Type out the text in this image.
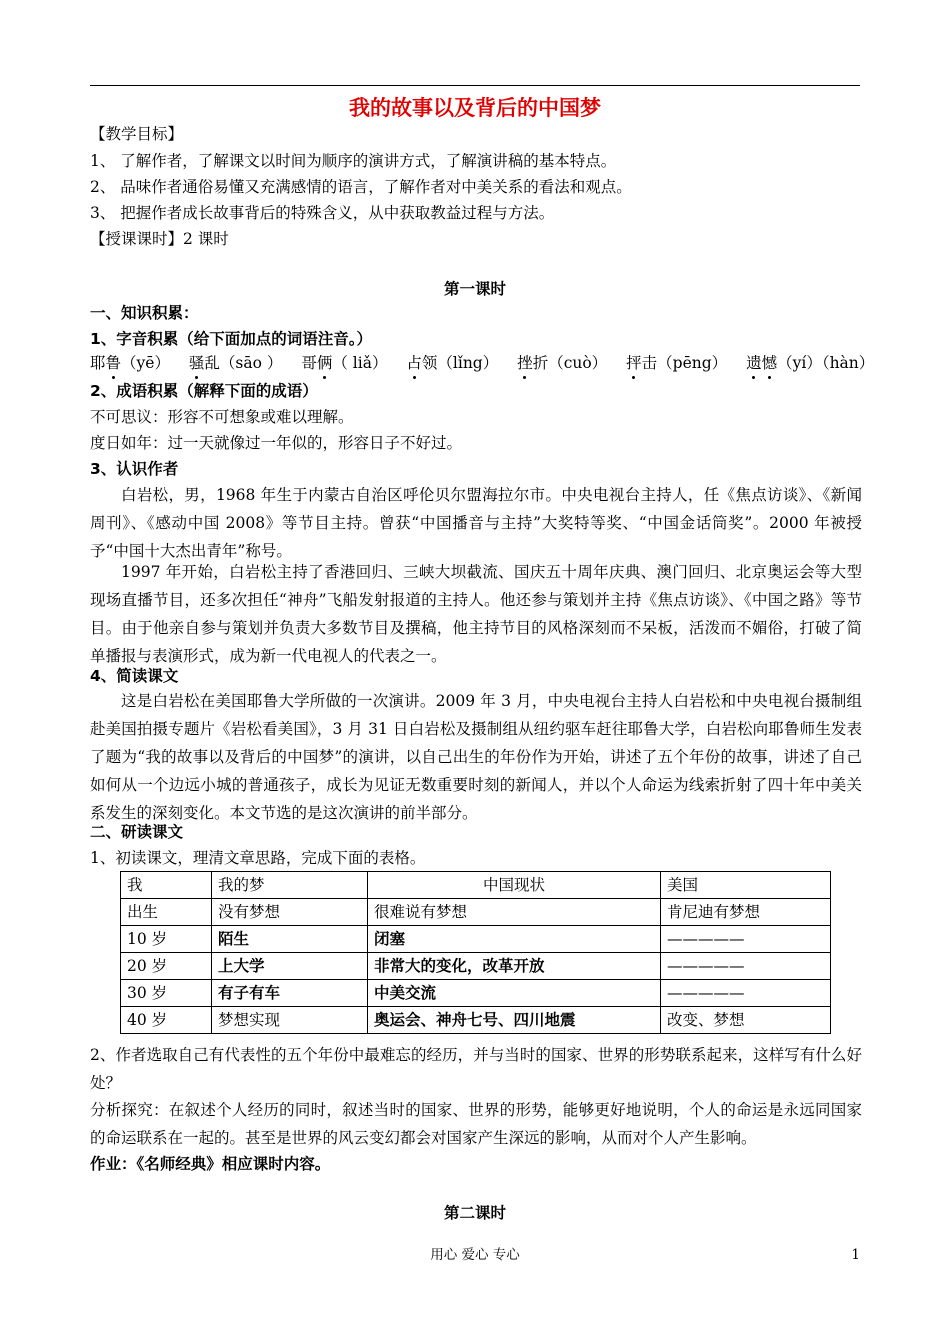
我的故事以及背后的中国梦
【教学目标】
1、 了解作者，了解课文以时间为顺序的演讲方式，了解演讲稿的基本特点。
2、 品味作者通俗易懂又充满感情的语言，了解作者对中美关系的看法和观点。
3、 把握作者成长故事背后的特殊含义，从中获取教益过程与方法。
【授课课时】2 课时
第一课时
一、知识积累：
1、字音积累（给下面加点的词语注音。）
耶鲁（yē） 骚乱（sāo ） 哥俩（ liǎ） 占领（lǐng） 挫折（cuò） 抨击（pēng） 遗憾（yí）（hàn）
2、成语积累（解释下面的成语）
不可思议：形容不可想象或难以理解。
度日如年：过一天就像过一年似的，形容日子不好过。
3、认识作者
白岩松，男，1968 年生于内蒙古自治区呼伦贝尔盟海拉尔市。中央电视台主持人，任《焦点访谈》、《新闻周刊》、《感动中国 2008》等节目主持。曾获“中国播音与主持”大奖特等奖、“中国金话筒奖”。2000 年被授予“中国十大杰出青年”称号。
1997 年开始，白岩松主持了香港回归、三峡大坝截流、国庆五十周年庆典、澳门回归、北京奥运会等大型现场直播节目，还多次担任“神舟”飞船发射报道的主持人。他还参与策划并主持《焦点访谈》、《中国之路》等节目。由于他亲自参与策划并负责大多数节目及撰稿，他主持节目的风格深刻而不呆板，活泼而不媚俗，打破了简单播报与表演形式，成为新一代电视人的代表之一。
4、简读课文
这是白岩松在美国耶鲁大学所做的一次演讲。2009 年 3 月，中央电视台主持人白岩松和中央电视台摄制组赴美国拍摄专题片《岩松看美国》，3 月 31 日白岩松及摄制组从纽约驱车赶往耶鲁大学，白岩松向耶鲁师生发表了题为“我的故事以及背后的中国梦”的演讲，以自己出生的年份作为开始，讲述了五个年份的故事，讲述了自己如何从一个边远小城的普通孩子，成长为见证无数重要时刻的新闻人，并以个人命运为线索折射了四十年中美关系发生的深刻变化。本文节选的是这次演讲的前半部分。
二、研读课文
1、初读课文，理清文章思路，完成下面的表格。
我	我的梦	中国现状	美国
出生	没有梦想	很难说有梦想	肯尼迪有梦想
10 岁	陌生	闭塞	—————
20 岁	上大学	非常大的变化，改革开放	—————
30 岁	有子有车	中美交流	—————
40 岁	梦想实现	奥运会、神舟七号、四川地震	改变、梦想
2、作者选取自己有代表性的五个年份中最难忘的经历，并与当时的国家、世界的形势联系起来，这样写有什么好处？
分析探究：在叙述个人经历的同时，叙述当时的国家、世界的形势，能够更好地说明，个人的命运是永远同国家的命运联系在一起的。甚至是世界的风云变幻都会对国家产生深远的影响，从而对个人产生影响。
作业：《名师经典》相应课时内容。
第二课时
用心 爱心 专心	1
